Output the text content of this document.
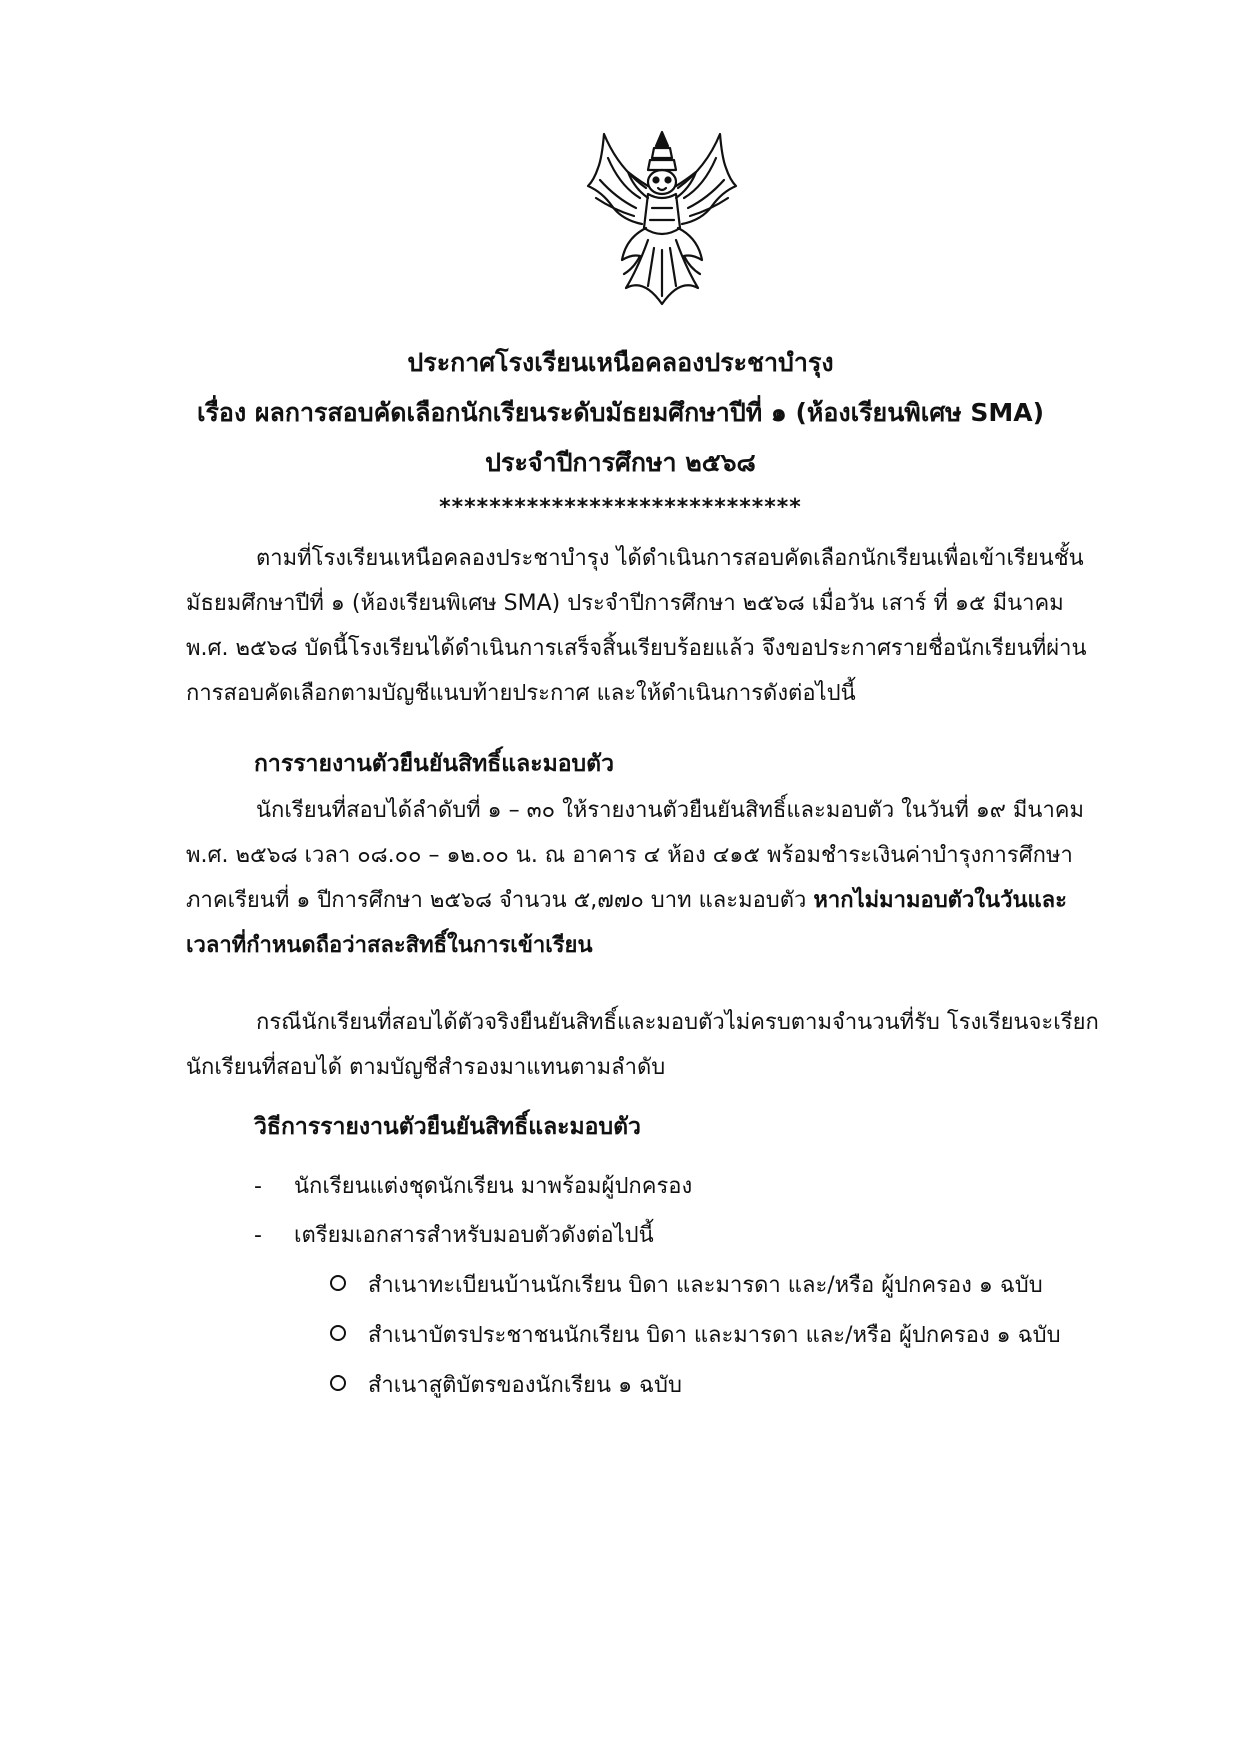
ประกาศโรงเรียนเหนือคลองประชาบำรุง
เรื่อง ผลการสอบคัดเลือกนักเรียนระดับมัธยมศึกษาปีที่ ๑ (ห้องเรียนพิเศษ SMA)
ประจำปีการศึกษา ๒๕๖๘
*****************************
ตามที่โรงเรียนเหนือคลองประชาบำรุง ได้ดำเนินการสอบคัดเลือกนักเรียนเพื่อเข้าเรียนชั้นมัธยมศึกษาปีที่ ๑ (ห้องเรียนพิเศษ SMA) ประจำปีการศึกษา ๒๕๖๘ เมื่อวัน เสาร์ ที่ ๑๕ มีนาคม พ.ศ. ๒๕๖๘ บัดนี้โรงเรียนได้ดำเนินการเสร็จสิ้นเรียบร้อยแล้ว จึงขอประกาศรายชื่อนักเรียนที่ผ่านการสอบคัดเลือกตามบัญชีแนบท้ายประกาศ และให้ดำเนินการดังต่อไปนี้
การรายงานตัวยืนยันสิทธิ์และมอบตัว
นักเรียนที่สอบได้ลำดับที่ ๑ – ๓๐ ให้รายงานตัวยืนยันสิทธิ์และมอบตัว ในวันที่ ๑๙ มีนาคม พ.ศ. ๒๕๖๘ เวลา ๐๘.๐๐ – ๑๒.๐๐ น. ณ อาคาร ๔ ห้อง ๔๑๕ พร้อมชำระเงินค่าบำรุงการศึกษา ภาคเรียนที่ ๑ ปีการศึกษา ๒๕๖๘ จำนวน ๕,๗๗๐ บาท และมอบตัว หากไม่มามอบตัวในวันและเวลาที่กำหนดถือว่าสละสิทธิ์ในการเข้าเรียน
กรณีนักเรียนที่สอบได้ตัวจริงยืนยันสิทธิ์และมอบตัวไม่ครบตามจำนวนที่รับ โรงเรียนจะเรียกนักเรียนที่สอบได้ ตามบัญชีสำรองมาแทนตามลำดับ
วิธีการรายงานตัวยืนยันสิทธิ์และมอบตัว
- นักเรียนแต่งชุดนักเรียน มาพร้อมผู้ปกครอง
- เตรียมเอกสารสำหรับมอบตัวดังต่อไปนี้
สำเนาทะเบียนบ้านนักเรียน บิดา และมารดา และ/หรือ ผู้ปกครอง ๑ ฉบับ
สำเนาบัตรประชาชนนักเรียน บิดา และมารดา และ/หรือ ผู้ปกครอง ๑ ฉบับ
สำเนาสูติบัตรของนักเรียน ๑ ฉบับ
